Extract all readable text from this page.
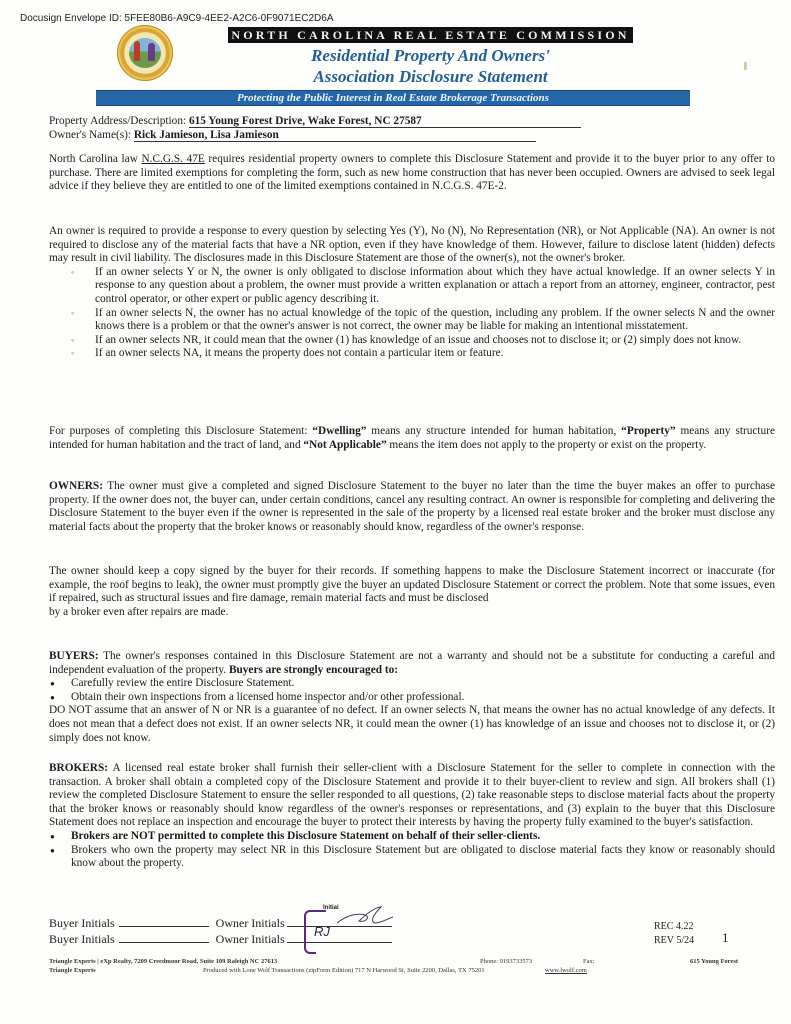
Docusign Envelope ID: 5FEE80B6-A9C9-4EE2-A2C6-0F9071EC2D6A
NORTH CAROLINA REAL ESTATE COMMISSION
Residential Property And Owners'
Association Disclosure Statement
Protecting the Public Interest in Real Estate Brokerage Transactions
Property Address/Description: 615 Young Forest Drive, Wake Forest, NC 27587
Owner's Name(s): Rick Jamieson, Lisa Jamieson
North Carolina law N.C.G.S. 47E requires residential property owners to complete this Disclosure Statement and provide it to the buyer prior to any offer to purchase. There are limited exemptions for completing the form, such as new home construction that has never been occupied. Owners are advised to seek legal advice if they believe they are entitled to one of the limited exemptions contained in N.C.G.S. 47E-2.
An owner is required to provide a response to every question by selecting Yes (Y), No (N), No Representation (NR), or Not Applicable (NA). An owner is not required to disclose any of the material facts that have a NR option, even if they have knowledge of them. However, failure to disclose latent (hidden) defects may result in civil liability. The disclosures made in this Disclosure Statement are those of the owner(s), not the owner's broker.
◦ If an owner selects Y or N, the owner is only obligated to disclose information about which they have actual knowledge. If an owner selects Y in response to any question about a problem, the owner must provide a written explanation or attach a report from an attorney, engineer, contractor, pest control operator, or other expert or public agency describing it.
◦ If an owner selects N, the owner has no actual knowledge of the topic of the question, including any problem. If the owner selects N and the owner knows there is a problem or that the owner's answer is not correct, the owner may be liable for making an intentional misstatement.
◦ If an owner selects NR, it could mean that the owner (1) has knowledge of an issue and chooses not to disclose it; or (2) simply does not know.
◦ If an owner selects NA, it means the property does not contain a particular item or feature.
For purposes of completing this Disclosure Statement: “Dwelling” means any structure intended for human habitation, “Property” means any structure intended for human habitation and the tract of land, and “Not Applicable” means the item does not apply to the property or exist on the property.
OWNERS: The owner must give a completed and signed Disclosure Statement to the buyer no later than the time the buyer makes an offer to purchase property. If the owner does not, the buyer can, under certain conditions, cancel any resulting contract. An owner is responsible for completing and delivering the Disclosure Statement to the buyer even if the owner is represented in the sale of the property by a licensed real estate broker and the broker must disclose any material facts about the property that the broker knows or reasonably should know, regardless of the owner's response.
The owner should keep a copy signed by the buyer for their records. If something happens to make the Disclosure Statement incorrect or inaccurate (for example, the roof begins to leak), the owner must promptly give the buyer an updated Disclosure Statement or correct the problem. Note that some issues, even if repaired, such as structural issues and fire damage, remain material facts and must be disclosed
by a broker even after repairs are made.
BUYERS: The owner's responses contained in this Disclosure Statement are not a warranty and should not be a substitute for conducting a careful and independent evaluation of the property. Buyers are strongly encouraged to:
● Carefully review the entire Disclosure Statement.
● Obtain their own inspections from a licensed home inspector and/or other professional.
DO NOT assume that an answer of N or NR is a guarantee of no defect. If an owner selects N, that means the owner has no actual knowledge of any defects. It does not mean that a defect does not exist. If an owner selects NR, it could mean the owner (1) has knowledge of an issue and chooses not to disclose it, or (2) simply does not know.
BROKERS: A licensed real estate broker shall furnish their seller-client with a Disclosure Statement for the seller to complete in connection with the transaction. A broker shall obtain a completed copy of the Disclosure Statement and provide it to their buyer-client to review and sign. All brokers shall (1) review the completed Disclosure Statement to ensure the seller responded to all questions, (2) take reasonable steps to disclose material facts about the property that the broker knows or reasonably should know regardless of the owner's responses or representations, and (3) explain to the buyer that this Disclosure Statement does not replace an inspection and encourage the buyer to protect their interests by having the property fully examined to the buyer's satisfaction.
● Brokers are NOT permitted to complete this Disclosure Statement on behalf of their seller-clients.
● Brokers who own the property may select NR in this Disclosure Statement but are obligated to disclose material facts they know or reasonably should know about the property.
Buyer Initials	Owner Initials
Buyer Initials	Owner Initials
Initial
RJ	REC 4.22
REV 5/24 1
Triangle Experts | eXp Realty, 7209 Creedmoor Road, Suite 109 Raleigh NC 27613	Phone: 9193733573	Fax:	615 Young Forest
Triangle Experts	Produced with Lone Wolf Transactions (zipForm Edition) 717 N Harwood St, Suite 2200, Dallas, TX 75201	www.lwolf.com
